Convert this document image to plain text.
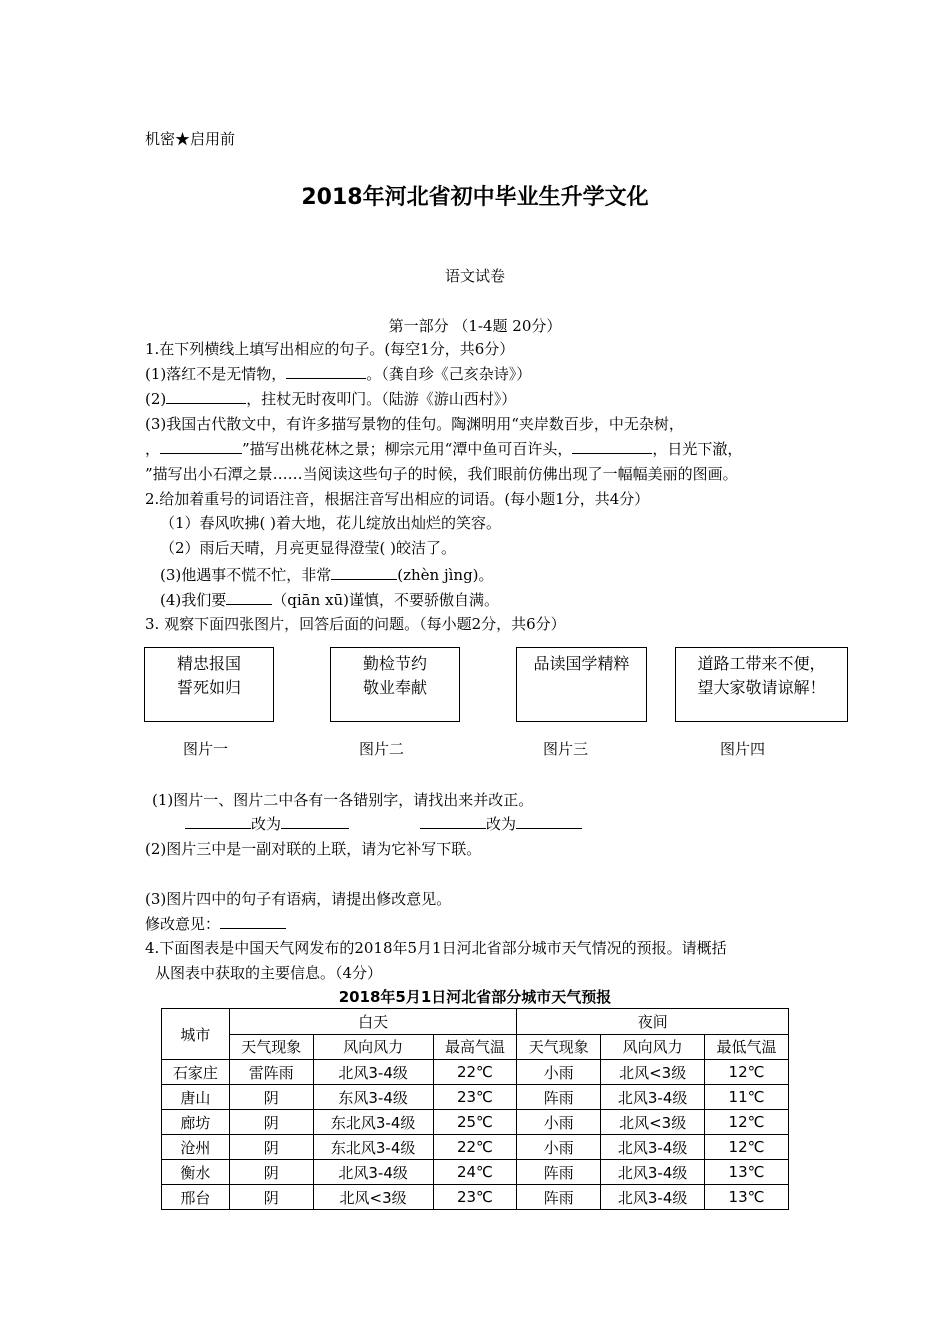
机密★启用前
2018年河北省初中毕业生升学文化
语文试卷
第一部分 （1-4题 20分）
1.在下列横线上填写出相应的句子。(每空1分，共6分）
(1)落红不是无情物，	。（龚自珍《己亥杂诗》）
(2)	，拄杖无时夜叩门。（陆游《游山西村》）
(3)我国古代散文中，有许多描写景物的佳句。陶渊明用“夹岸数百步，中无杂树，
，	”描写出桃花林之景；柳宗元用“潭中鱼可百许头，	，日光下澈，
”描写出小石潭之景……当阅读这些句子的时候，我们眼前仿佛出现了一幅幅美丽的图画。
2.给加着重号的词语注音，根据注音写出相应的词语。(每小题1分，共4分）
（1）春风吹拂( )着大地，花儿绽放出灿烂的笑容。
（2）雨后天晴，月亮更显得澄莹( )皎洁了。
(3)他遇事不慌不忙，非常	(zhèn jìng)。
(4)我们要	（qiān xū)谨慎，不要骄傲自满。
3. 观察下面四张图片，回答后面的问题。（每小题2分，共6分）
精忠报国
誓死如归
勤检节约
敬业奉献
品读国学精粹	道路工带来不便，
望大家敬请谅解！
图片一	图片二	图片三	图片四
(1)图片一、图片二中各有一各错别字，请找出来并改正。
改为	改为
(2)图片三中是一副对联的上联，请为它补写下联。
(3)图片四中的句子有语病，请提出修改意见。
修改意见：
4.下面图表是中国天气网发布的2018年5月1日河北省部分城市天气情况的预报。请概括
从图表中获取的主要信息。（4分）
2018年5月1日河北省部分城市天气预报
城市	白天			夜间		
	天气现象	风向风力	最高气温	天气现象	风向风力	最低气温
石家庄	雷阵雨	北风3-4级	22℃	小雨	北风<3级	12℃
唐山	阴	东风3-4级	23℃	阵雨	北风3-4级	11℃
廊坊	阴	东北风3-4级	25℃	小雨	北风<3级	12℃
沧州	阴	东北风3-4级	22℃	小雨	北风3-4级	12℃
衡水	阴	北风3-4级	24℃	阵雨	北风3-4级	13℃
邢台	阴	北风<3级	23℃	阵雨	北风3-4级	13℃
